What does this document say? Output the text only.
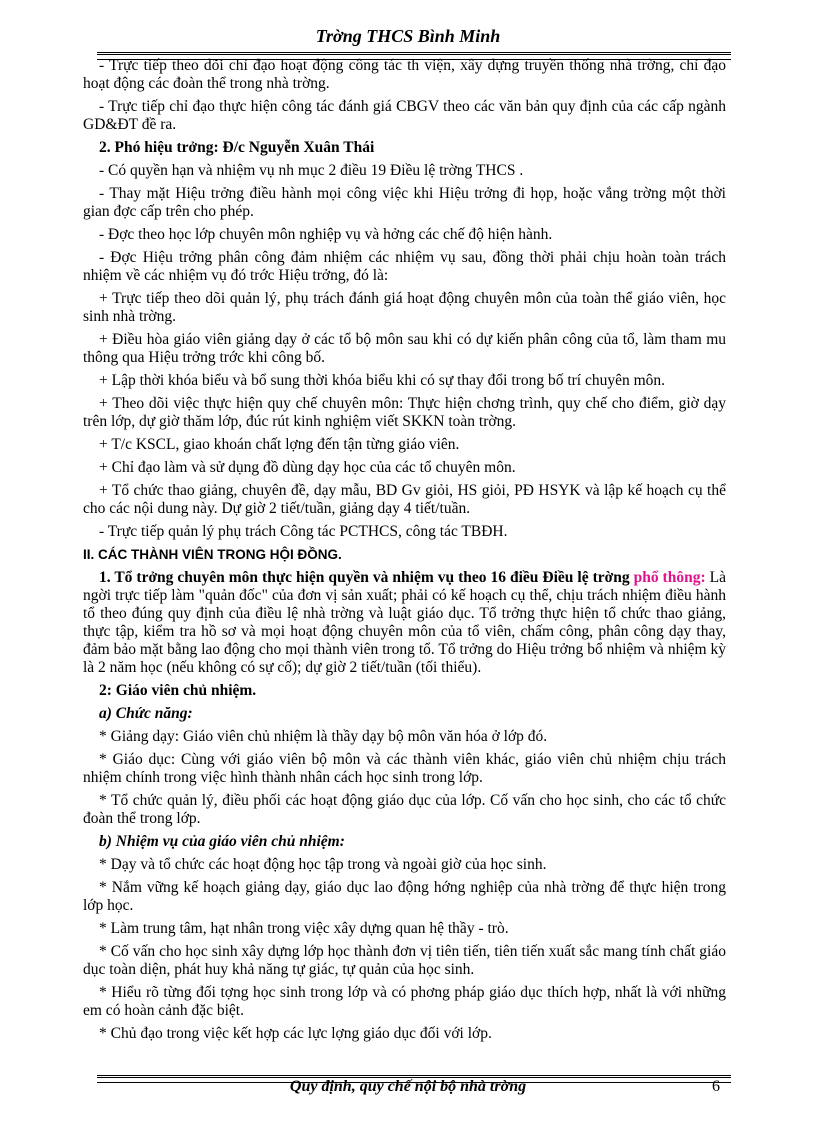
Trờng THCS Bình Minh

- Trực tiếp theo dõi chỉ đạo hoạt động công tác th viện, xây dựng truyền thống nhà trờng, chỉ đạo hoạt động các đoàn thể trong nhà trờng.

- Trực tiếp chỉ đạo thực hiện công tác đánh giá CBGV theo các văn bản quy định của các cấp ngành GD&ĐT đề ra.

2. Phó hiệu trởng: Đ/c Nguyễn Xuân Thái

- Có quyền hạn và nhiệm vụ nh mục 2 điều 19 Điều lệ trờng THCS .

- Thay mặt Hiệu trởng điều hành mọi công việc khi Hiệu trởng đi họp, hoặc vắng trờng một thời gian đợc cấp trên cho phép.

- Đợc theo học lớp chuyên môn nghiệp vụ và hởng các chế độ hiện hành.

- Đợc Hiệu trởng phân công đảm nhiệm các nhiệm vụ sau, đồng thời phải chịu hoàn toàn trách nhiệm về các nhiệm vụ đó trớc Hiệu trởng, đó là:

+ Trực tiếp theo dõi quản lý, phụ trách đánh giá hoạt động chuyên môn của toàn thể giáo viên, học sinh nhà trờng.

+ Điều hòa giáo viên giảng dạy ở các tổ bộ môn sau khi có dự kiến phân công của tổ, làm tham mu thông qua Hiệu trởng trớc khi công bố.

+ Lập thời khóa biểu và bổ sung thời khóa biểu khi có sự thay đổi trong bố trí chuyên môn.

+ Theo dõi việc thực hiện quy chế chuyên môn: Thực hiện chơng trình, quy chế cho điểm, giờ dạy trên lớp, dự giờ thăm lớp, đúc rút kinh nghiệm viết SKKN toàn trờng.

+ T/c KSCL, giao khoán chất lợng đến tận từng giáo viên.

+ Chỉ đạo làm và sử dụng đồ dùng dạy học của các tổ chuyên môn.

+ Tổ chức thao giảng, chuyên đề, dạy mẫu, BD Gv giỏi, HS giỏi, PĐ HSYK và lập kế hoạch cụ thể cho các nội dung này. Dự giờ 2 tiết/tuần, giảng dạy 4 tiết/tuần.

- Trực tiếp quản lý phụ trách Công tác PCTHCS, công tác TBĐH.

II. CÁC THÀNH VIÊN TRONG HỘI ĐỒNG.

1. Tổ trởng chuyên môn thực hiện quyền và nhiệm vụ theo 16 điều Điều lệ trờng phổ thông: Là ngời trực tiếp làm "quản đốc" của đơn vị sản xuất; phải có kế hoạch cụ thể, chịu trách nhiệm điều hành tổ theo đúng quy định của điều lệ nhà trờng và luật giáo dục. Tổ trởng thực hiện tổ chức thao giảng, thực tập, kiểm tra hồ sơ và mọi hoạt động chuyên môn của tổ viên, chấm công, phân công dạy thay, đảm bảo mặt bằng lao động cho mọi thành viên trong tổ. Tổ trởng do Hiệu trởng bổ nhiệm và nhiệm kỳ là 2 năm học (nếu không có sự cố); dự giờ 2 tiết/tuần (tối thiểu).

2: Giáo viên chủ nhiệm.

a) Chức năng:

* Giảng dạy: Giáo viên chủ nhiệm là thầy dạy bộ môn văn hóa ở lớp đó.

* Giáo dục: Cùng với giáo viên bộ môn và các thành viên khác, giáo viên chủ nhiệm chịu trách nhiệm chính trong việc hình thành nhân cách học sinh trong lớp.

* Tổ chức quản lý, điều phối các hoạt động giáo dục của lớp. Cố vấn cho học sinh, cho các tổ chức đoàn thể trong lớp.

b) Nhiệm vụ của giáo viên chủ nhiệm:

* Dạy và tổ chức các hoạt động học tập trong và ngoài giờ của học sinh.

* Nắm vững kế hoạch giảng dạy, giáo dục lao động hớng nghiệp của nhà trờng để thực hiện trong lớp học.

* Làm trung tâm, hạt nhân trong việc xây dựng quan hệ thầy - trò.

* Cố vấn cho học sinh xây dựng lớp học thành đơn vị tiên tiến, tiên tiến xuất sắc mang tính chất giáo dục toàn diện, phát huy khả năng tự giác, tự quản của học sinh.

* Hiểu rõ từng đối tợng học sinh trong lớp và có phơng pháp giáo dục thích hợp, nhất là với những em có hoàn cảnh đặc biệt.

* Chủ đạo trong việc kết hợp các lực lợng giáo dục đối với lớp.

Quy định, quy chế nội bộ nhà trờng	6
